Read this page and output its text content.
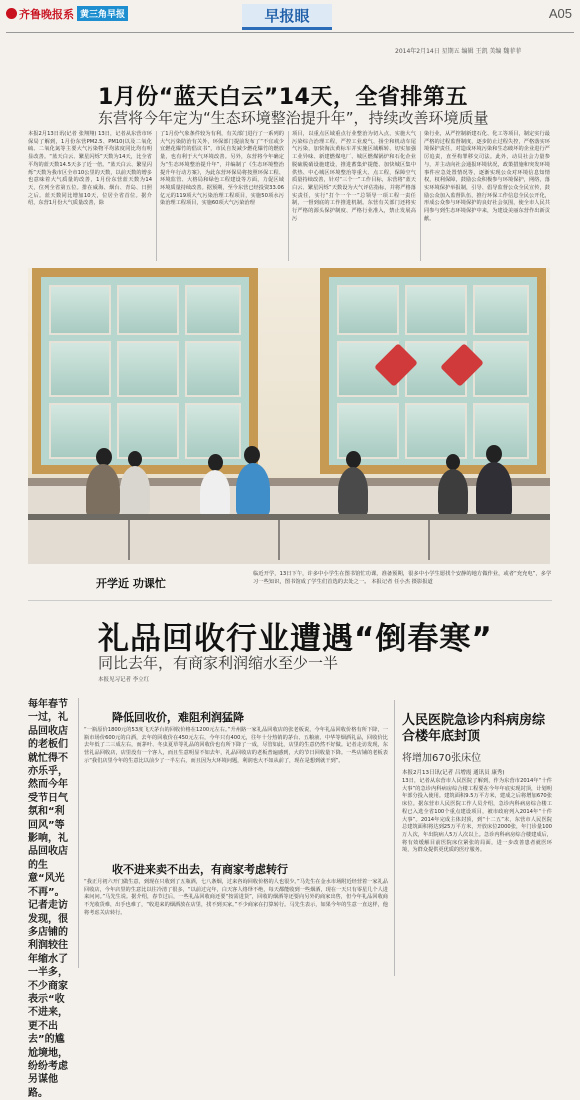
齐鲁晚报系 黄三角早报	早报眼	A05
2014年2月14日 星期五 编辑 王凯 美编 魏菲菲
1月份“蓝天白云”14天，全省排第五
东营将今年定为“生态环境整治提升年”，持续改善环境质量
本报2月13日讯(记者 张翔翔) 13日，记者从东营市环保局了解到，1月份东营PM2.5、PM10(以及二氧化硫、二氧化氮等主要大气污染物平均浓度同比均有明显改善。“蓝天白云、繁星闪烁”天数为14天，比全省平均的蓝天数14.5天多了近一倍。“蓝天白云、繁星闪烁”天数为我市区全市10公里的天数，以前天数的增多也意味着大气质量的改善，1月份东营蓝天数为14天，位列全省第五位。排在威海、烟台、青岛、日照之后。蓝天数同比增加10天，位居全省首位。据介绍，东营1月份大气质量改善，除
了1月份气象条件较为有利，有关部门进行了一系列的大气污染防治有关外，环保部门提前发布了“不宜或少宜燃花爆竹的倡议书”，市民自发减少燃花爆竹的燃放量，也有利于大气环境改善。另外，东营将今年确定为“生态环境整治提升年”，并编制了《生态环境整治提升年行动方案》，为此东营环保局将按照环保工程、环境监管、大格局和绿色工程建设等方面，力促区域环境质量持续改善。据预期，至今东营已经投资33.06亿元的119项大气污染治理工程项目，实施50项水污染治理工程项目，实施60项大气污染治理
项目，以重点区域重点行业整治为切入点，实施大气污染综合治理工程，严控工业废气、扬尘和机动车尾气污染，加快淘汰黄标车并实施区域解转、切实加强工业异味、新建燃煤电厂、城区燃煤锅炉和石化企业脱硫脱硝设施建设，推进蓄集炉提能、加快城区集中供热、中心城区环境整治等重大、点工程，保障空气质量持续改善，针对“三个一”工作目标，东营将“蓝天白云、繁星闪烁”天数设为大气评估指标，并将严格落实责任，实行“打个一个一”总领导一项工程一责任制，一督到底的工作推进机制。东营有关部门还将实行严格的源头保护制度、严格行业准入，禁止发展高污
染行业，从严控制新建石化、化工等项目，制定实行最严格的过程监督制度，逐步防止过程失控，严格落实环境保护责任，对造成环境污染和生态破坏的企业进行严厉追责，直至构罪移交司法。此外，动员社会力量参与，并主动向社会通报环境状况，政策措施和突发环境事件应急处置情况等，逐渐实现公众对环境信息知情权，权利保障，鼓励公众积极参与环境保护，网络，落实环境保护举报制，引导、倡导监督公众全民宣传，鼓励公众加入监督队伍，推行环保工作信息全民公开化，形成公众参与环境保护的良好社会氛围，使全市人民共同参与到生态环境保护中来，为建设美丽东营作出新贡献。
开学近 功课忙
临近开学，13日下午，许多中小学生在图书馆忙功课，准备预期，很多中小学生愿找个安静的地方做作业，或者“充充电”，多学习一些知识，图书馆成了学生们首选的去处之一。 本报记者 任小杰 摄影报道
礼品回收行业遭遇“倒春寒”
同比去年，有商家利润缩水至少一半
本报见习记者 李立红
每年春节一过，礼品回收店的老板们就忙得不亦乐乎，然而今年受节日气氛和“利回风”等影响，礼品回收店的生意“风光不再”。记者走访发现，很多店铺的利润较往年缩水了一半多，不少商家表示“收不进来，更不出去”的尴尬境地，纷纷考虑另谋他路。
降低回收价，难阻利润猛降
“一瓶原价1800元的53度飞天茅台的回收价格在1200元左右。”升州路一家礼品回收店的张老板说，今年礼品回收价格有所下降，一瓶市场价600元的白酒，去年的回收价在450元左右，今年只有400元，往年十分热销的茅台、五粮液、中华等烟酒礼品，回收价比去年低了二三成左右，而茅叶、冬虫夏草等礼品的回收价也有所下降了一成，尽管如此，店里的生意仍然不好做。记者走访发现，东营礼品回收店，店里没有一个客人，而且生意明显不如去年，礼品回收店的老板普遍感到，大的节日回收量下降。一些店铺的老板表示“我们店里今年的生意比以前少了一半左右，而且因为大环境问题，利润也大不如从前了，现在是想到就干到”。
收不进来卖不出去，有商家考虑转行
“我正月初六开门做生意，到现在只收到了五瓶酒，七八条烟，过来咨询回收价格的人也很少。”马先生在金水市场附近经营着一家礼品回收店，今年店里的生意比以往冷清了很多，“以前过完年，白天客人络绎不绝，每天都能收到一些烟酒，现在一天只有零星几个人进来问问。”马先生说。据介绍，春节过后，一些礼品回收商还要“按需进货”，回收的烟酒等还要向另外的商家出售，但今年礼品回收商不光收货难，出手也难了，“收进来的烟酒放在店里，找不到买家。”不少商家在打算转行。马先生表示，如果今年的生意一直这样，他将考虑关店转行。
人民医院急诊内科病房综合楼年底封顶
将增加670张床位
本报2月13日讯(记者 吕增霞 通讯员 康秀)
13日，记者从东营市人民医院了解到，作为东营市2014年“十件大事”的急诊内科病房综合楼工程要在今年年底实现封顶，计划明年部分投入使用。建筑面积9.5万平方米，建成之后将增加670张床位。据东营市人民医院工作人员介绍，急诊内科病房综合楼工程已入选全省100个重点建设项目，被市政府列入2014年“十件大事”。2014年完成主体封顶，到“十二五”末，东营市人民医院总建筑面积将达到25万平方米，开放床位2000张，年门诊量100万人次，年出院病人5万人次以上。急诊内科病房综合楼建成后，将有效缓解目前医院床位紧张的局面，进一步改善患者就医环境，为群众提供更优质的医疗服务。
